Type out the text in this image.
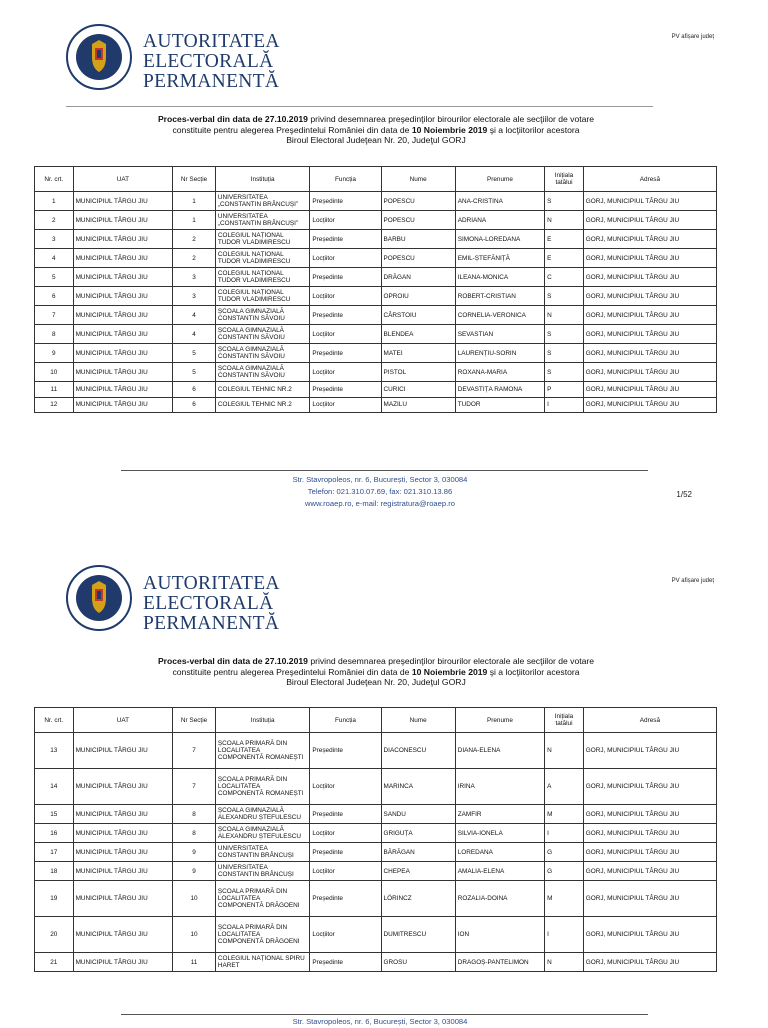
AUTORITATEA
ELECTORALĂ
PERMANENTĂ
PV afișare județ
Proces-verbal din data de 27.10.2019 privind desemnarea preşedinţilor birourilor electorale ale secţiilor de votare
constituite pentru alegerea Preşedintelui României din data de 10 Noiembrie 2019 şi a locţiitorilor acestora
Biroul Electoral Judeţean Nr. 20, Judeţul GORJ
Nr. crt.	UAT	Nr Secție	Instituția	Funcția	Nume	Prenume	Inițiala tatălui	Adresă
1	MUNICIPIUL TÂRGU JIU	1	UNIVERSITATEA „CONSTANTIN BRÂNCUȘI”	Președinte	POPESCU	ANA-CRISTINA	S	GORJ, MUNICIPIUL TÂRGU JIU
2	MUNICIPIUL TÂRGU JIU	1	UNIVERSITATEA „CONSTANTIN BRÂNCUȘI”	Locțiitor	POPESCU	ADRIANA	N	GORJ, MUNICIPIUL TÂRGU JIU
3	MUNICIPIUL TÂRGU JIU	2	COLEGIUL NAȚIONAL TUDOR VLADIMIRESCU	Președinte	BARBU	SIMONA-LOREDANA	E	GORJ, MUNICIPIUL TÂRGU JIU
4	MUNICIPIUL TÂRGU JIU	2	COLEGIUL NAȚIONAL TUDOR VLADIMIRESCU	Locțiitor	POPESCU	EMIL-ȘTEFĂNIȚĂ	E	GORJ, MUNICIPIUL TÂRGU JIU
5	MUNICIPIUL TÂRGU JIU	3	COLEGIUL NAȚIONAL TUDOR VLADIMIRESCU	Președinte	DRĂGAN	ILEANA-MONICA	C	GORJ, MUNICIPIUL TÂRGU JIU
6	MUNICIPIUL TÂRGU JIU	3	COLEGIUL NAȚIONAL TUDOR VLADIMIRESCU	Locțiitor	OPROIU	ROBERT-CRISTIAN	S	GORJ, MUNICIPIUL TÂRGU JIU
7	MUNICIPIUL TÂRGU JIU	4	ȘCOALA GIMNAZIALĂ CONSTANTIN SĂVOIU	Președinte	CÂRSTOIU	CORNELIA-VERONICA	N	GORJ, MUNICIPIUL TÂRGU JIU
8	MUNICIPIUL TÂRGU JIU	4	ȘCOALA GIMNAZIALĂ CONSTANTIN SĂVOIU	Locțiitor	BLENDEA	SEVASTIAN	S	GORJ, MUNICIPIUL TÂRGU JIU
9	MUNICIPIUL TÂRGU JIU	5	ȘCOALA GIMNAZIALĂ CONSTANTIN SĂVOIU	Președinte	MATEI	LAURENȚIU-SORIN	S	GORJ, MUNICIPIUL TÂRGU JIU
10	MUNICIPIUL TÂRGU JIU	5	ȘCOALA GIMNAZIALĂ CONSTANTIN SĂVOIU	Locțiitor	PISTOL	ROXANA-MARIA	S	GORJ, MUNICIPIUL TÂRGU JIU
11	MUNICIPIUL TÂRGU JIU	6	COLEGIUL TEHNIC NR.2	Președinte	CURICI	DEVASTIȚA RAMONA	P	GORJ, MUNICIPIUL TÂRGU JIU
12	MUNICIPIUL TÂRGU JIU	6	COLEGIUL TEHNIC NR.2	Locțiitor	MAZILU	TUDOR	I	GORJ, MUNICIPIUL TÂRGU JIU
Str. Stavropoleos, nr. 6, București, Sector 3, 030084
Telefon: 021.310.07.69, fax: 021.310.13.86
www.roaep.ro, e-mail: registratura@roaep.ro
1/52
AUTORITATEA
ELECTORALĂ
PERMANENTĂ
PV afișare județ
Proces-verbal din data de 27.10.2019 privind desemnarea preşedinţilor birourilor electorale ale secţiilor de votare
constituite pentru alegerea Preşedintelui României din data de 10 Noiembrie 2019 şi a locţiitorilor acestora
Biroul Electoral Judeţean Nr. 20, Judeţul GORJ
Nr. crt.	UAT	Nr Secție	Instituția	Funcția	Nume	Prenume	Inițiala tatălui	Adresă
13	MUNICIPIUL TÂRGU JIU	7	ȘCOALA PRIMARĂ DIN LOCALITATEA COMPONENTĂ ROMANEȘTI	Președinte	DIACONESCU	DIANA-ELENA	N	GORJ, MUNICIPIUL TÂRGU JIU
14	MUNICIPIUL TÂRGU JIU	7	ȘCOALA PRIMARĂ DIN LOCALITATEA COMPONENTĂ ROMANEȘTI	Locțiitor	MARINCA	IRINA	A	GORJ, MUNICIPIUL TÂRGU JIU
15	MUNICIPIUL TÂRGU JIU	8	ȘCOALA GIMNAZIALĂ ALEXANDRU ȘTEFULESCU	Președinte	SANDU	ZAMFIR	M	GORJ, MUNICIPIUL TÂRGU JIU
16	MUNICIPIUL TÂRGU JIU	8	ȘCOALA GIMNAZIALĂ ALEXANDRU ȘTEFULESCU	Locțiitor	GRIGUȚA	SILVIA-IONELA	I	GORJ, MUNICIPIUL TÂRGU JIU
17	MUNICIPIUL TÂRGU JIU	9	UNIVERSITATEA CONSTANTIN BRÂNCUȘI	Președinte	BĂRĂGAN	LOREDANA	G	GORJ, MUNICIPIUL TÂRGU JIU
18	MUNICIPIUL TÂRGU JIU	9	UNIVERSITATEA CONSTANTIN BRÂNCUȘI	Locțiitor	CHEPEA	AMALIA-ELENA	G	GORJ, MUNICIPIUL TÂRGU JIU
19	MUNICIPIUL TÂRGU JIU	10	ȘCOALA PRIMARĂ DIN LOCALITATEA COMPONENTĂ DRĂGOENI	Președinte	LÖRINCZ	ROZALIA-DOINA	M	GORJ, MUNICIPIUL TÂRGU JIU
20	MUNICIPIUL TÂRGU JIU	10	ȘCOALA PRIMARĂ DIN LOCALITATEA COMPONENTĂ DRĂGOENI	Locțiitor	DUMITRESCU	ION	I	GORJ, MUNICIPIUL TÂRGU JIU
21	MUNICIPIUL TÂRGU JIU	11	COLEGIUL NAȚIONAL SPIRU HARET	Președinte	GROSU	DRAGOȘ-PANTELIMON	N	GORJ, MUNICIPIUL TÂRGU JIU
Str. Stavropoleos, nr. 6, București, Sector 3, 030084
